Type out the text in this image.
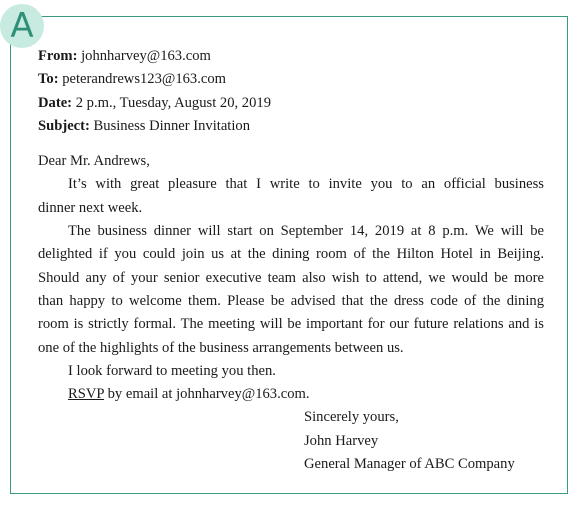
A
From: johnharvey@163.com
To: peterandrews123@163.com
Date: 2 p.m., Tuesday, August 20, 2019
Subject: Business Dinner Invitation
Dear Mr. Andrews,
It’s with great pleasure that I write to invite you to an official business
dinner next week.
The business dinner will start on September 14, 2019 at 8 p.m. We will be
delighted if you could join us at the dining room of the Hilton Hotel in Beijing.
Should any of your senior executive team also wish to attend, we would be more
than happy to welcome them. Please be advised that the dress code of the dining
room is strictly formal. The meeting will be important for our future relations and is
one of the highlights of the business arrangements between us.
I look forward to meeting you then.
RSVP by email at johnharvey@163.com.
Sincerely yours,
John Harvey
General Manager of ABC Company
